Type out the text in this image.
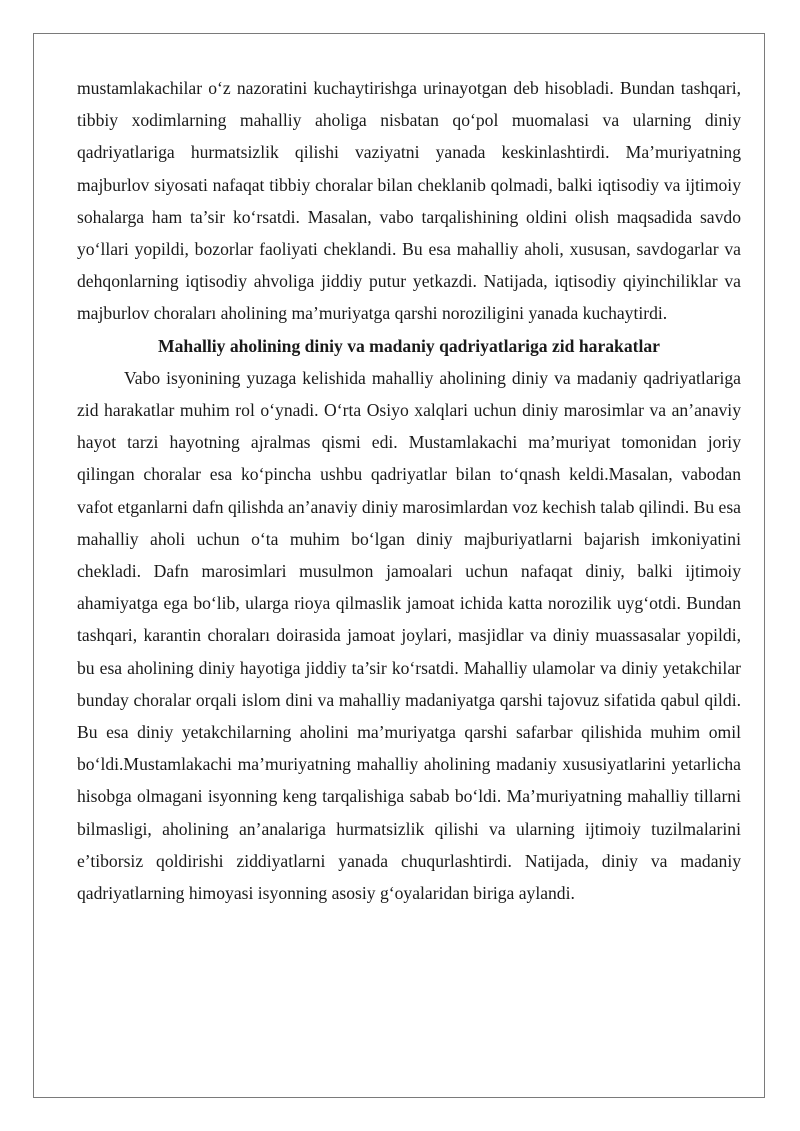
mustamlakachilar o‘z nazoratini kuchaytirishga urinayotgan deb hisobladi. Bundan tashqari, tibbiy xodimlarning mahalliy aholiga nisbatan qo‘pol muomalasi va ularning diniy qadriyatlariga hurmatsizlik qilishi vaziyatni yanada keskinlashtirdi. Ma’muriyatning majburlov siyosati nafaqat tibbiy choralar bilan cheklanib qolmadi, balki iqtisodiy va ijtimoiy sohalarga ham ta’sir ko‘rsatdi. Masalan, vabo tarqalishining oldini olish maqsadida savdo yo‘llari yopildi, bozorlar faoliyati cheklandi. Bu esa mahalliy aholi, xususan, savdogarlar va dehqonlarning iqtisodiy ahvoliga jiddiy putur yetkazdi. Natijada, iqtisodiy qiyinchiliklar va majburlov choraları aholining ma’muriyatga qarshi noroziligini yanada kuchaytirdi.

Mahalliy aholining diniy va madaniy qadriyatlariga zid harakatlar

Vabo isyonining yuzaga kelishida mahalliy aholining diniy va madaniy qadriyatlariga zid harakatlar muhim rol o‘ynadi. O‘rta Osiyo xalqlari uchun diniy marosimlar va an’anaviy hayot tarzi hayotning ajralmas qismi edi. Mustamlakachi ma’muriyat tomonidan joriy qilingan choralar esa ko‘pincha ushbu qadriyatlar bilan to‘qnash keldi.Masalan, vabodan vafot etganlarni dafn qilishda an’anaviy diniy marosimlardan voz kechish talab qilindi. Bu esa mahalliy aholi uchun o‘ta muhim bo‘lgan diniy majburiyatlarni bajarish imkoniyatini chekladi. Dafn marosimlari musulmon jamoalari uchun nafaqat diniy, balki ijtimoiy ahamiyatga ega bo‘lib, ularga rioya qilmaslik jamoat ichida katta norozilik uyg‘otdi. Bundan tashqari, karantin choraları doirasida jamoat joylari, masjidlar va diniy muassasalar yopildi, bu esa aholining diniy hayotiga jiddiy ta’sir ko‘rsatdi. Mahalliy ulamolar va diniy yetakchilar bunday choralar orqali islom dini va mahalliy madaniyatga qarshi tajovuz sifatida qabul qildi. Bu esa diniy yetakchilarning aholini ma’muriyatga qarshi safarbar qilishida muhim omil bo‘ldi.Mustamlakachi ma’muriyatning mahalliy aholining madaniy xususiyatlarini yetarlicha hisobga olmagani isyonning keng tarqalishiga sabab bo‘ldi. Ma’muriyatning mahalliy tillarni bilmasligi, aholining an’analariga hurmatsizlik qilishi va ularning ijtimoiy tuzilmalarini e’tiborsiz qoldirishi ziddiyatlarni yanada chuqurlashtirdi. Natijada, diniy va madaniy qadriyatlarning himoyasi isyonning asosiy g‘oyalaridan biriga aylandi.
